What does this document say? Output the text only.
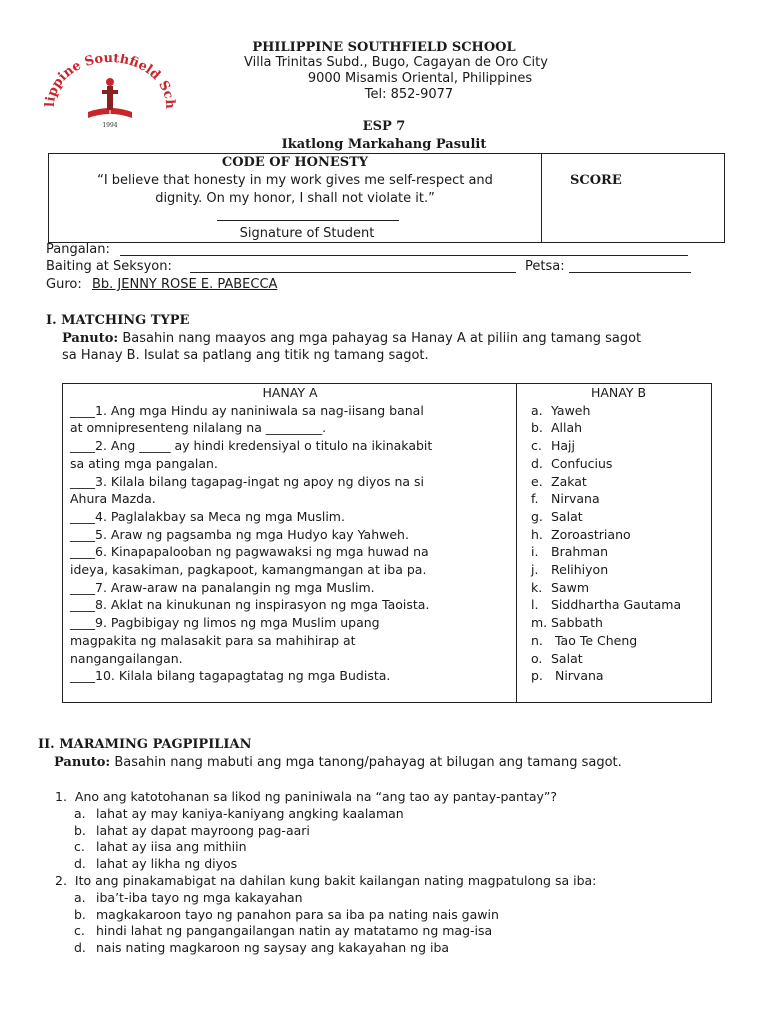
lippine Southfield Sch
1994
PHILIPPINE SOUTHFIELD SCHOOL
Villa Trinitas Subd., Bugo, Cagayan de Oro City
9000 Misamis Oriental, Philippines
Tel: 852-9077
ESP 7
Ikatlong Markahang Pasulit
CODE OF HONESTY
“I believe that honesty in my work gives me self-respect and
dignity. On my honor, I shall not violate it.”
Signature of Student
SCORE
Pangalan:
Baiting at Seksyon:	Petsa:
Guro: Bb. JENNY ROSE E. PABECCA
I. MATCHING TYPE
Panuto: Basahin nang maayos ang mga pahayag sa Hanay A at piliin ang tamang sagot
sa Hanay B. Isulat sa patlang ang titik ng tamang sagot.
HANAY A
____1. Ang mga Hindu ay naniniwala sa nag-iisang banal
at omnipresenteng nilalang na _________.
____2. Ang _____ ay hindi kredensiyal o titulo na ikinakabit
sa ating mga pangalan.
____3. Kilala bilang tagapag-ingat ng apoy ng diyos na si
Ahura Mazda.
____4. Paglalakbay sa Meca ng mga Muslim.
____5. Araw ng pagsamba ng mga Hudyo kay Yahweh.
____6. Kinapapalooban ng pagwawaksi ng mga huwad na
ideya, kasakiman, pagkapoot, kamangmangan at iba pa.
____7. Araw-araw na panalangin ng mga Muslim.
____8. Aklat na kinukunan ng inspirasyon ng mga Taoista.
____9. Pagbibigay ng limos ng mga Muslim upang
magpakita ng malasakit para sa mahihirap at
nangangailangan.
____10. Kilala bilang tagapagtatag ng mga Budista.
HANAY B
a. Yaweh
b. Allah
c. Hajj
d. Confucius
e. Zakat
f.	Nirvana
g. Salat
h. Zoroastriano
i.	Brahman
j.	Relihiyon
k. Sawm
l.	Siddhartha Gautama
m. Sabbath
n. Tao Te Cheng
o. Salat
p. Nirvana
II. MARAMING PAGPIPILIAN
Panuto: Basahin nang mabuti ang mga tanong/pahayag at bilugan ang tamang sagot.
1. Ano ang katotohanan sa likod ng paniniwala na “ang tao ay pantay-pantay”?
a. lahat ay may kaniya-kaniyang angking kaalaman
b. lahat ay dapat mayroong pag-aari
c. lahat ay iisa ang mithiin
d. lahat ay likha ng diyos
2. Ito ang pinakamabigat na dahilan kung bakit kailangan nating magpatulong sa iba:
a. iba’t-iba tayo ng mga kakayahan
b. magkakaroon tayo ng panahon para sa iba pa nating nais gawin
c. hindi lahat ng pangangailangan natin ay matatamo ng mag-isa
d. nais nating magkaroon ng saysay ang kakayahan ng iba
